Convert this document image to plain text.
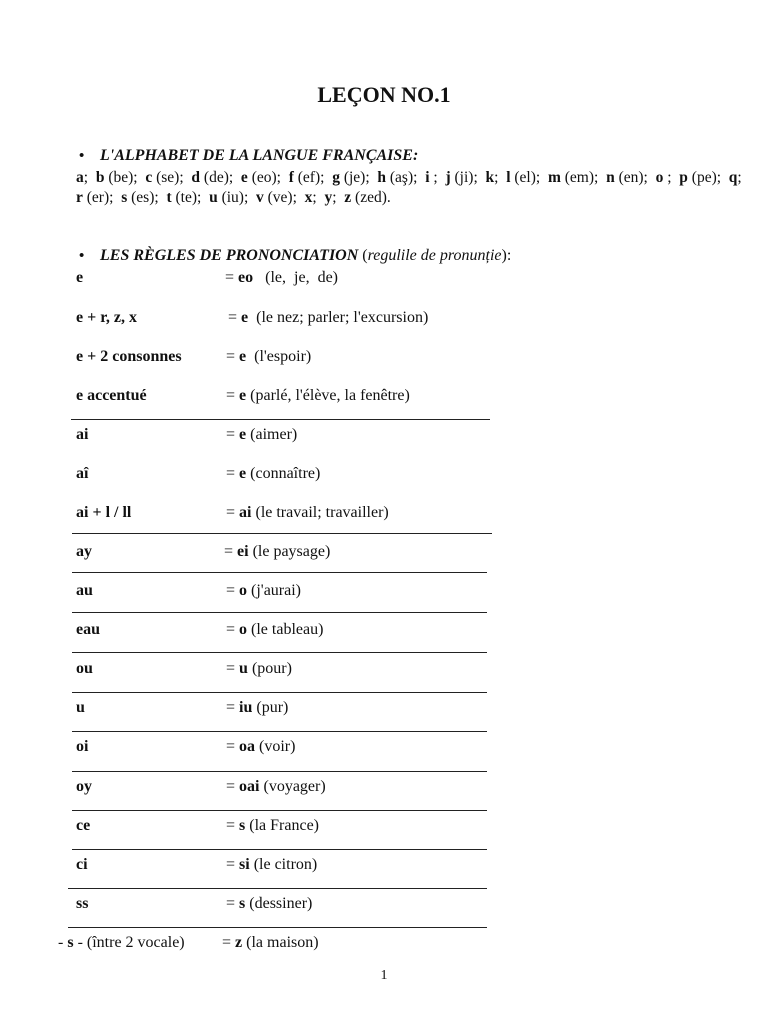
LEÇON NO.1
• L'ALPHABET DE LA LANGUE FRANÇAISE:
a; b (be); c (se); d (de); e (eo); f (ef); g (je); h (aş); i ; j (ji); k; l (el); m (em); n (en); o ; p (pe); q;  r (er); s (es); t (te); u (iu); v (ve); x; y; z (zed).
• LES RÈGLES DE PRONONCIATION (regulile de pronunție):
e	= eo   (le,  je,  de)
e + r, z, x	= e  (le nez; parler; l'excursion)
e + 2 consonnes	= e  (l'espoir)
e accentué	= e (parlé, l'élève, la fenêtre)
ai	= e (aimer)
aî	= e (connaître)
ai + l / ll	= ai (le travail; travailler)
ay	= ei (le paysage)
au	= o (j'aurai)
eau	= o (le tableau)
ou	= u (pour)
u	= iu (pur)
oi	= oa (voir)
oy	= oai (voyager)
ce	= s (la France)
ci	= si (le citron)
ss	= s (dessiner)
- s - (între 2 vocale) = z (la maison)
1
